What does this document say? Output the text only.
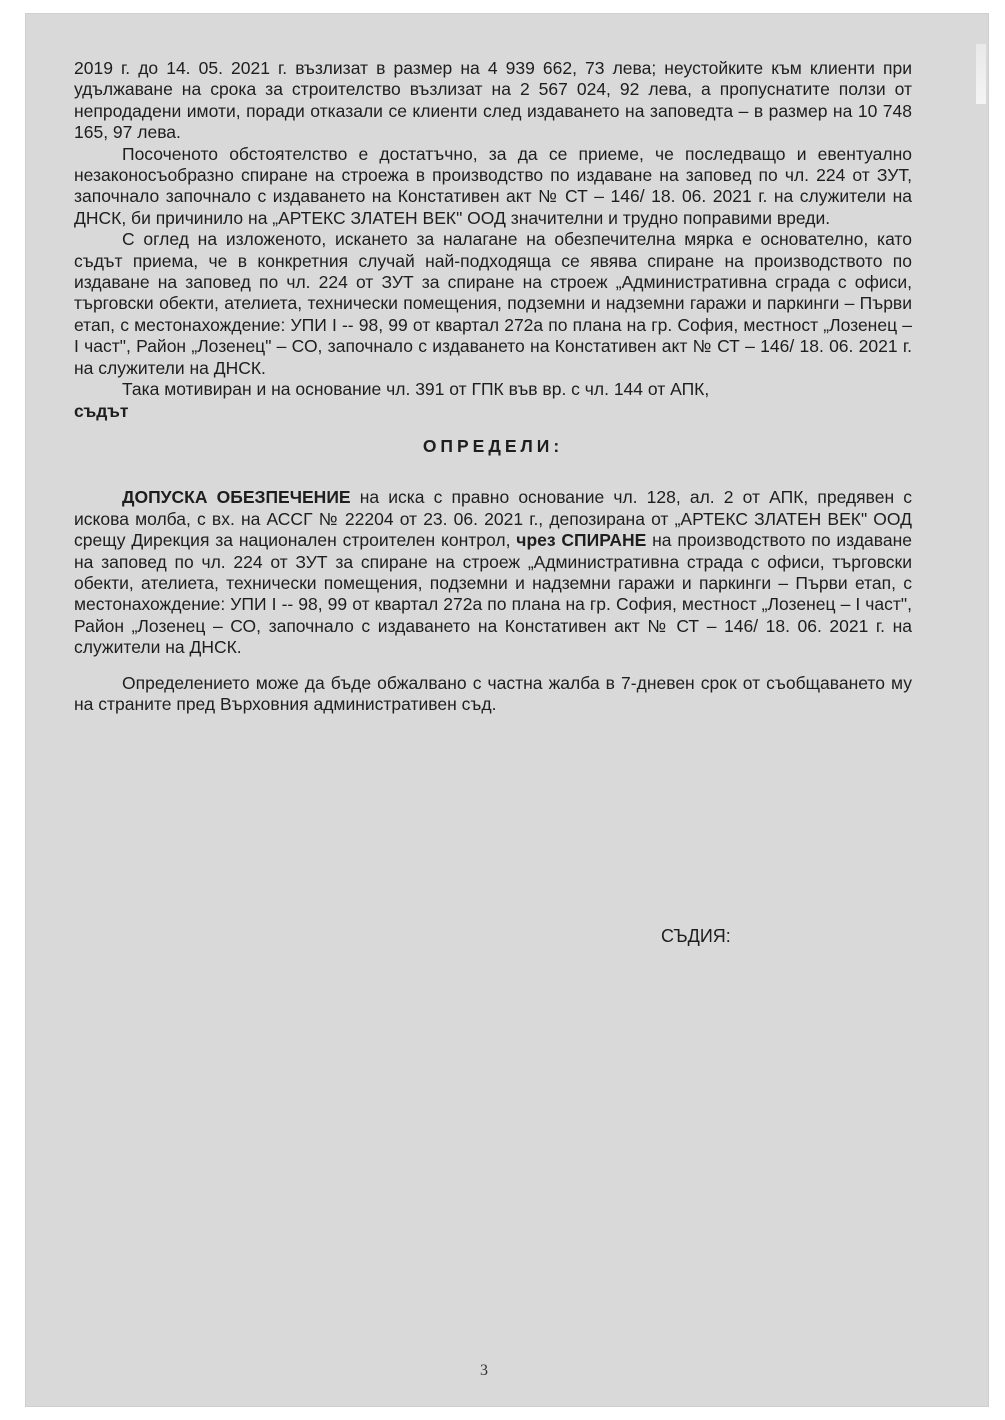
2019 г. до 14. 05. 2021 г. възлизат в размер на 4 939 662, 73 лева; неустойките към клиенти при удължаване на срока за строителство възлизат на 2 567 024, 92 лева, а пропуснатите ползи от непродадени имоти, поради отказали се клиенти след издаването на заповедта – в размер на 10 748 165, 97 лева.

Посоченото обстоятелство е достатъчно, за да се приеме, че последващо и евентуално незаконосъобразно спиране на строежа в производство по издаване на заповед по чл. 224 от ЗУТ, започнало започнало с издаването на Констативен акт № СТ – 146/ 18. 06. 2021 г. на служители на ДНСК, би причинило на „АРТЕКС ЗЛАТЕН ВЕК" ООД значителни и трудно поправими вреди.

С оглед на изложеното, искането за налагане на обезпечителна мярка е основателно, като съдът приема, че в конкретния случай най-подходяща се явява спиране на производството по издаване на заповед по чл. 224 от ЗУТ за спиране на строеж „Административна сграда с офиси, търговски обекти, ателиета, технически помещения, подземни и надземни гаражи и паркинги – Първи етап, с местонахождение: УПИ I -- 98, 99 от квартал 272а по плана на гр. София, местност „Лозенец – I част", Район „Лозенец" – СО, започнало с издаването на Констативен акт № СТ – 146/ 18. 06. 2021 г. на служители на ДНСК.

Така мотивиран и на основание чл. 391 от ГПК във вр. с чл. 144 от АПК,

съдът

ОПРЕДЕЛИ:

ДОПУСКА ОБЕЗПЕЧЕНИЕ на иска с правно основание чл. 128, ал. 2 от АПК, предявен с искова молба, с вх. на АССГ № 22204 от 23. 06. 2021 г., депозирана от „АРТЕКС ЗЛАТЕН ВЕК" ООД срещу Дирекция за национален строителен контрол, чрез СПИРАНЕ на производството по издаване на заповед по чл. 224 от ЗУТ за спиране на строеж „Административна страда с офиси, търговски обекти, ателиета, технически помещения, подземни и надземни гаражи и паркинги – Първи етап, с местонахождение: УПИ I -- 98, 99 от квартал 272а по плана на гр. София, местност „Лозенец – I част", Район „Лозенец – СО, започнало с издаването на Констативен акт № СТ – 146/ 18. 06. 2021 г. на служители на ДНСК.

Определението може да бъде обжалвано с частна жалба в 7-дневен срок от съобщаването му на страните пред Върховния административен съд.

СЪДИЯ:
3
